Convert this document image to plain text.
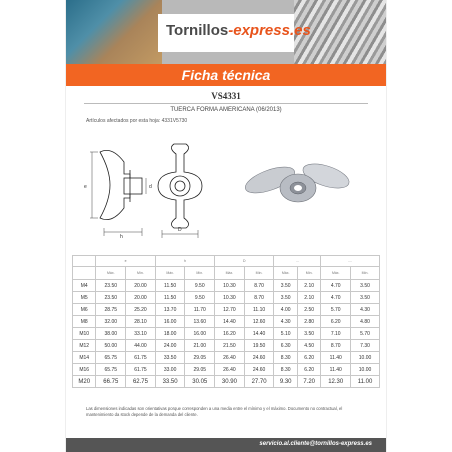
Tornillos-express.es
Ficha técnica
VS4331
TUERCA FORMA AMERICANA (06/2013)
Artículos afectados por esta hoja: 4331V5730
e	d
h
D
	e		h		D		...		....	
	Máx.	Mín.	Máx.	Mín.	Máx.	Mín.	Máx.	Mín.	Máx.	Mín.
M4	23.50	20.00	11.50	9.50	10.30	8.70	3.50	2.10	4.70	3.50
M5	23.50	20.00	11.50	9.50	10.30	8.70	3.50	2.10	4.70	3.50
M6	28.75	25.20	13.70	11.70	12.70	11.10	4.00	2.50	5.70	4.30
M8	32.00	28.10	16.00	13.60	14.40	12.60	4.30	2.80	6.20	4.80
M10	38.00	33.10	18.00	16.00	16.20	14.40	5.10	3.50	7.10	5.70
M12	50.00	44.00	24.00	21.00	21.50	19.50	6.30	4.50	8.70	7.30
M14	65.75	61.75	33.50	29.05	26.40	24.60	8.30	6.20	11.40	10.00
M16	65.75	61.75	33.00	29.05	26.40	24.60	8.30	6.20	11.40	10.00
M20	66.75	62.75	33.50	30.05	30.90	27.70	9.30	7.20	12.30	11.00
Las dimensiones indicadas son orientativas porque corresponden a una media entre el mínimo y el máximo. Documento no contractual, el mantenimiento da stock depende de la demanda del cliente.
servicio.al.cliente@tornillos-express.es
